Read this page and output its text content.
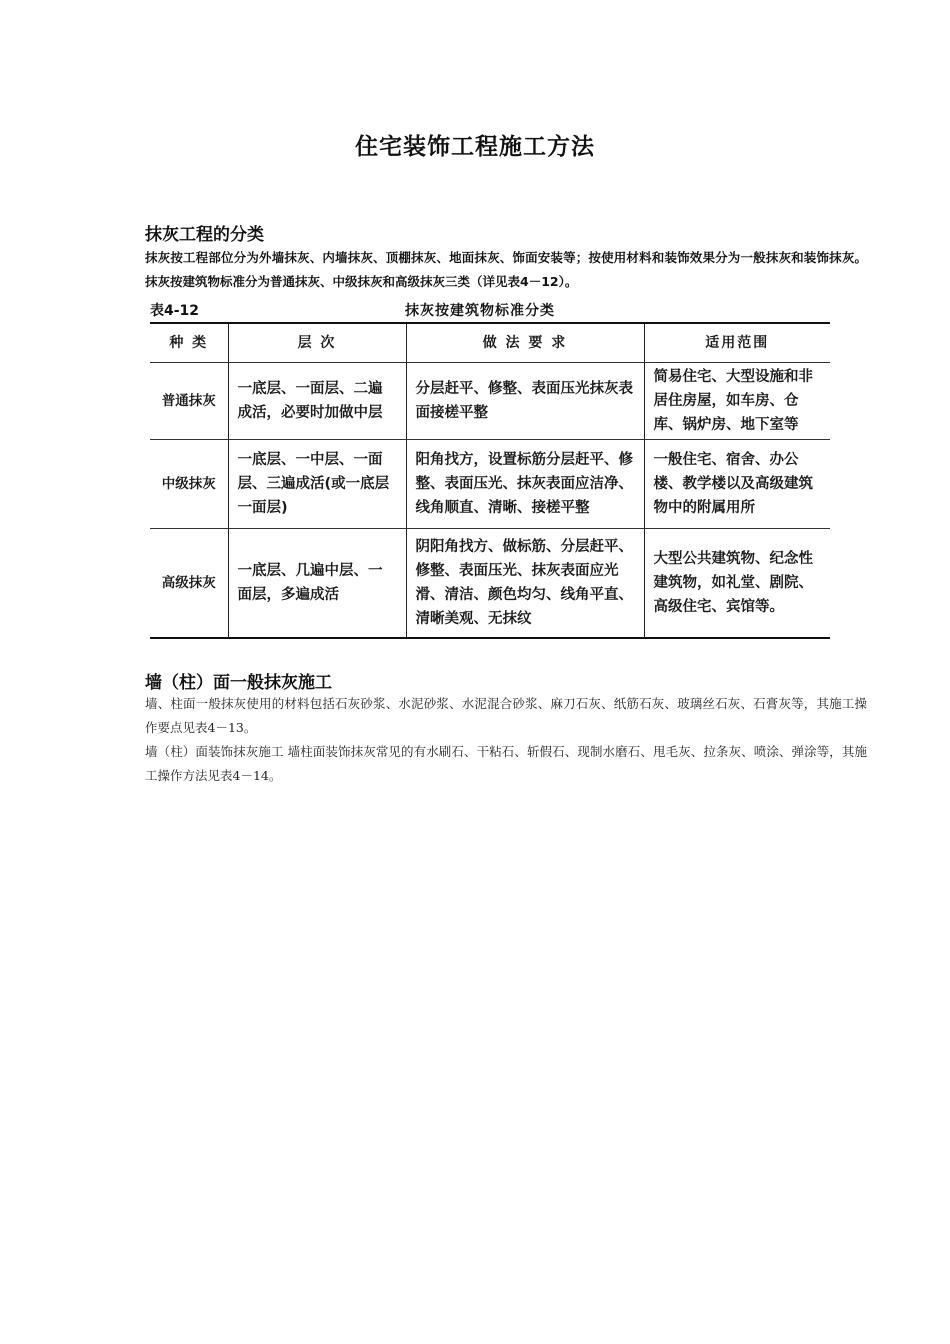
住宅装饰工程施工方法
抹灰工程的分类

抹灰按工程部位分为外墙抹灰、内墙抹灰、顶棚抹灰、地面抹灰、饰面安装等；按使用材料和装饰效果分为一般抹灰和装饰抹灰。抹灰按建筑物标准分为普通抹灰、中级抹灰和高级抹灰三类（详见表4－12）。

表4-12	抹灰按建筑物标准分类
种 类	层 次	做 法 要 求	适用范围
普通抹灰	一底层、一面层、二遍成活，必要时加做中层	分层赶平、修整、表面压光抹灰表面接槎平整	简易住宅、大型设施和非居住房屋，如车房、仓库、锅炉房、地下室等
中级抹灰	一底层、一中层、一面层、三遍成活(或一底层一面层)	阳角找方，设置标筋分层赶平、修整、表面压光、抹灰表面应洁净、线角顺直、清晰、接槎平整	一般住宅、宿舍、办公楼、教学楼以及高级建筑物中的附属用所
高级抹灰	一底层、几遍中层、一面层，多遍成活	阴阳角找方、做标筋、分层赶平、修整、表面压光、抹灰表面应光滑、清洁、颜色均匀、线角平直、清晰美观、无抹纹	大型公共建筑物、纪念性建筑物，如礼堂、剧院、高级住宅、宾馆等。
墙（柱）面一般抹灰施工

墙、柱面一般抹灰使用的材料包括石灰砂浆、水泥砂浆、水泥混合砂浆、麻刀石灰、纸筋石灰、玻璃丝石灰、石膏灰等，其施工操作要点见表4－13。

墙（柱）面装饰抹灰施工 墙柱面装饰抹灰常见的有水刷石、干粘石、斩假石、现制水磨石、甩毛灰、拉条灰、喷涂、弹涂等，其施工操作方法见表4－14。
